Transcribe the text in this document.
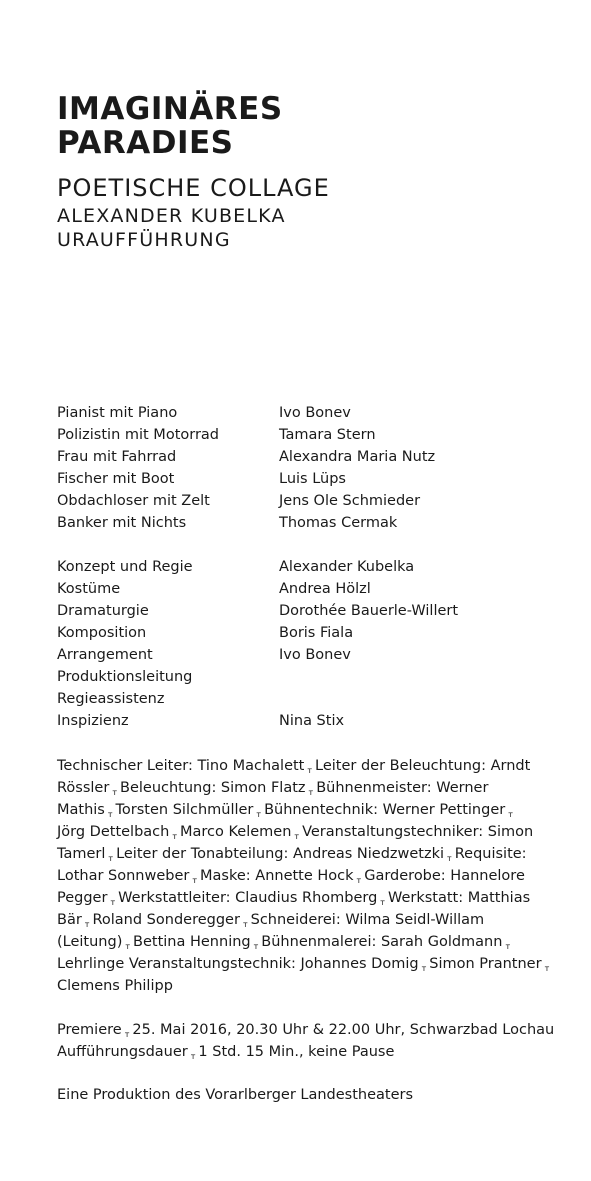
IMAGINÄRES
PARADIES
POETISCHE COLLAGE
ALEXANDER KUBELKA
URAUFFÜHRUNG
Pianist mit Piano	Ivo Bonev
Polizistin mit Motorrad	Tamara Stern
Frau mit Fahrrad	Alexandra Maria Nutz
Fischer mit Boot	Luis Lüps
Obdachloser mit Zelt	Jens Ole Schmieder
Banker mit Nichts	Thomas Cermak
Konzept und Regie	Alexander Kubelka
Kostüme	Andrea Hölzl
Dramaturgie	Dorothée Bauerle-Willert
Komposition	Boris Fiala
Arrangement	Ivo Bonev
Produktionsleitung
Regieassistenz
Inspizienz	Nina Stix
Technischer Leiter: Tino Machalett $_т$ Leiter der Beleuchtung: Arndt
Rössler $_т$ Beleuchtung: Simon Flatz $_т$ Bühnenmeister: Werner
Mathis $_т$ Torsten Silchmüller $_т$ Bühnentechnik: Werner Pettinger $_т$
Jörg Dettelbach $_т$ Marco Kelemen $_т$ Veranstaltungstechniker: Simon
Tamerl $_т$ Leiter der Tonabteilung: Andreas Niedzwetzki $_т$ Requisite:
Lothar Sonnweber $_т$ Maske: Annette Hock $_т$ Garderobe: Hannelore
Pegger $_т$ Werkstattleiter: Claudius Rhomberg $_т$ Werkstatt: Matthias
Bär $_т$ Roland Sonderegger $_т$ Schneiderei: Wilma Seidl-Willam
(Leitung) $_т$ Bettina Henning $_т$ Bühnenmalerei: Sarah Goldmann $_т$
Lehrlinge Veranstaltungstechnik: Johannes Domig $_т$ Simon Prantner $_т$
Clemens Philipp
Premiere $_т$ 25. Mai 2016, 20.30 Uhr & 22.00 Uhr, Schwarzbad Lochau
Aufführungsdauer $_т$ 1 Std. 15 Min., keine Pause
Eine Produktion des Vorarlberger Landestheaters
